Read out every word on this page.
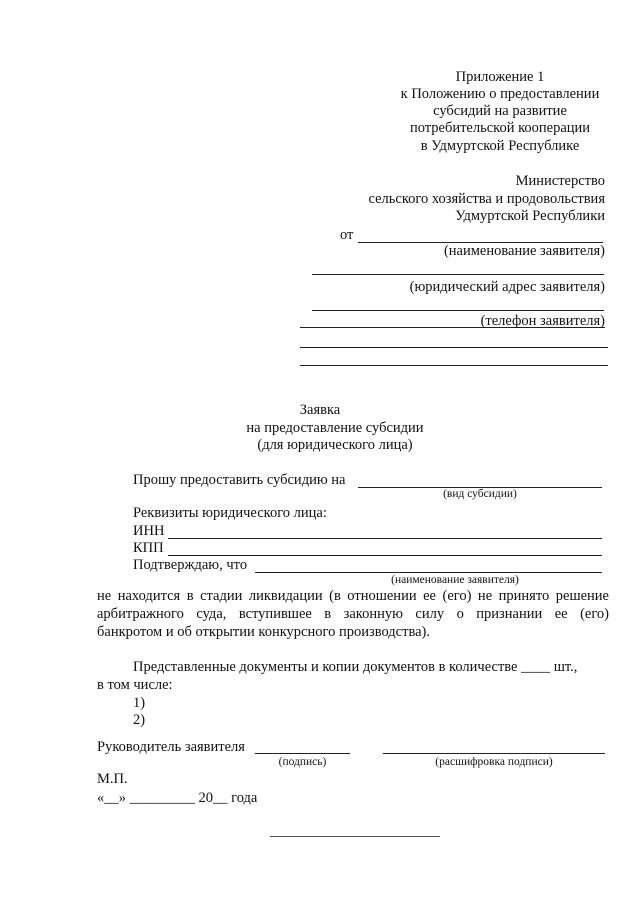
Приложение 1
к Положению о предоставлении
субсидий на развитие
потребительской кооперации
в Удмуртской Республике
Министерство
сельского хозяйства и продовольствия
Удмуртской Республики
от
(наименование заявителя)
(юридический адрес заявителя)
(телефон заявителя)
Заявка
на предоставление субсидии
(для юридического лица)
Прошу предоставить субсидию на
(вид субсидии)
Реквизиты юридического лица:
ИНН
КПП
Подтверждаю, что
(наименование заявителя)
не находится в стадии ликвидации (в отношении ее (его) не принято решение
арбитражного суда, вступившее в законную силу о признании ее (его)
банкротом и об открытии конкурсного производства).
Представленные документы и копии документов в количестве ____ шт.,
в том числе:
1)
2)
Руководитель заявителя
(подпись)	(расшифровка подписи)
М.П.
«__» _________ 20__ года
